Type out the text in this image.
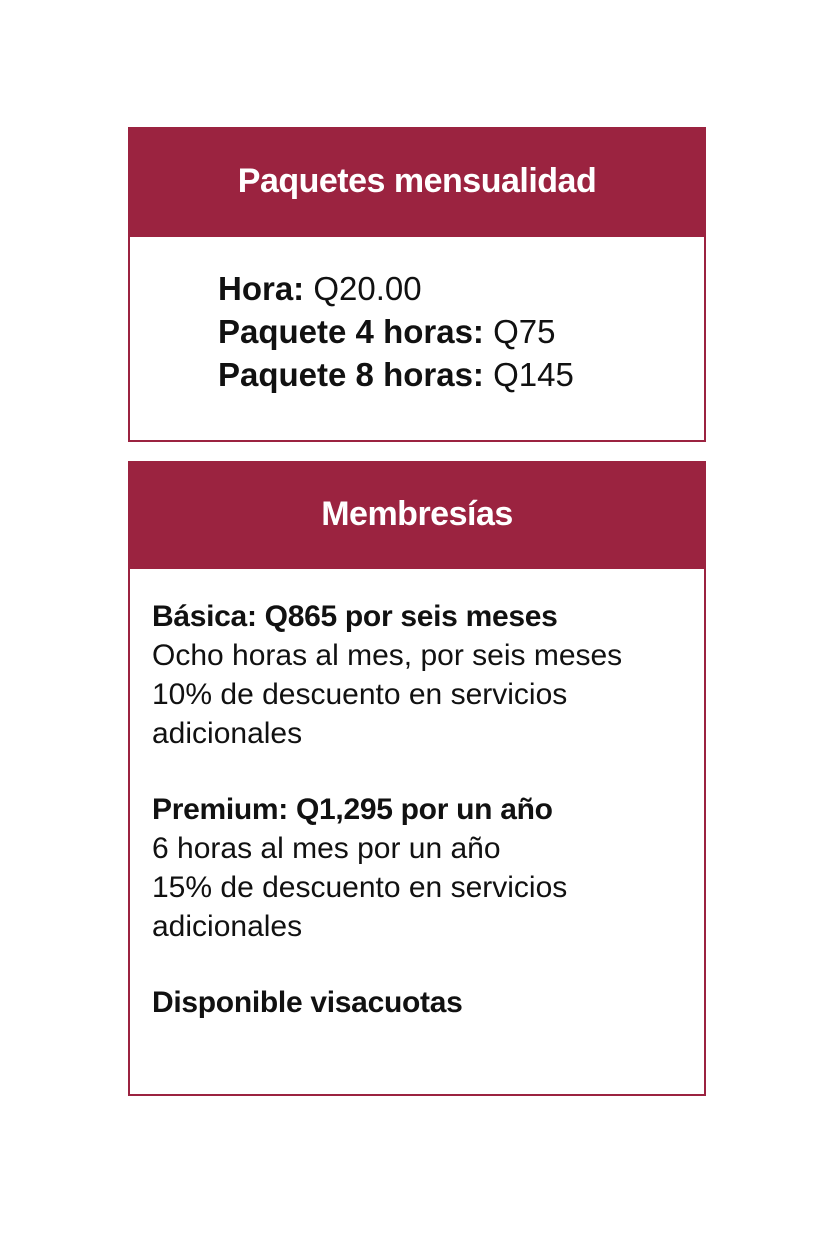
Paquetes mensualidad
Hora: Q20.00
Paquete 4 horas: Q75
Paquete 8 horas: Q145
Membresías
Básica: Q865 por seis meses
Ocho horas al mes, por seis meses
10% de descuento en servicios
adicionales
Premium: Q1,295 por un año
6 horas al mes por un año
15% de descuento en servicios
adicionales
Disponible visacuotas
